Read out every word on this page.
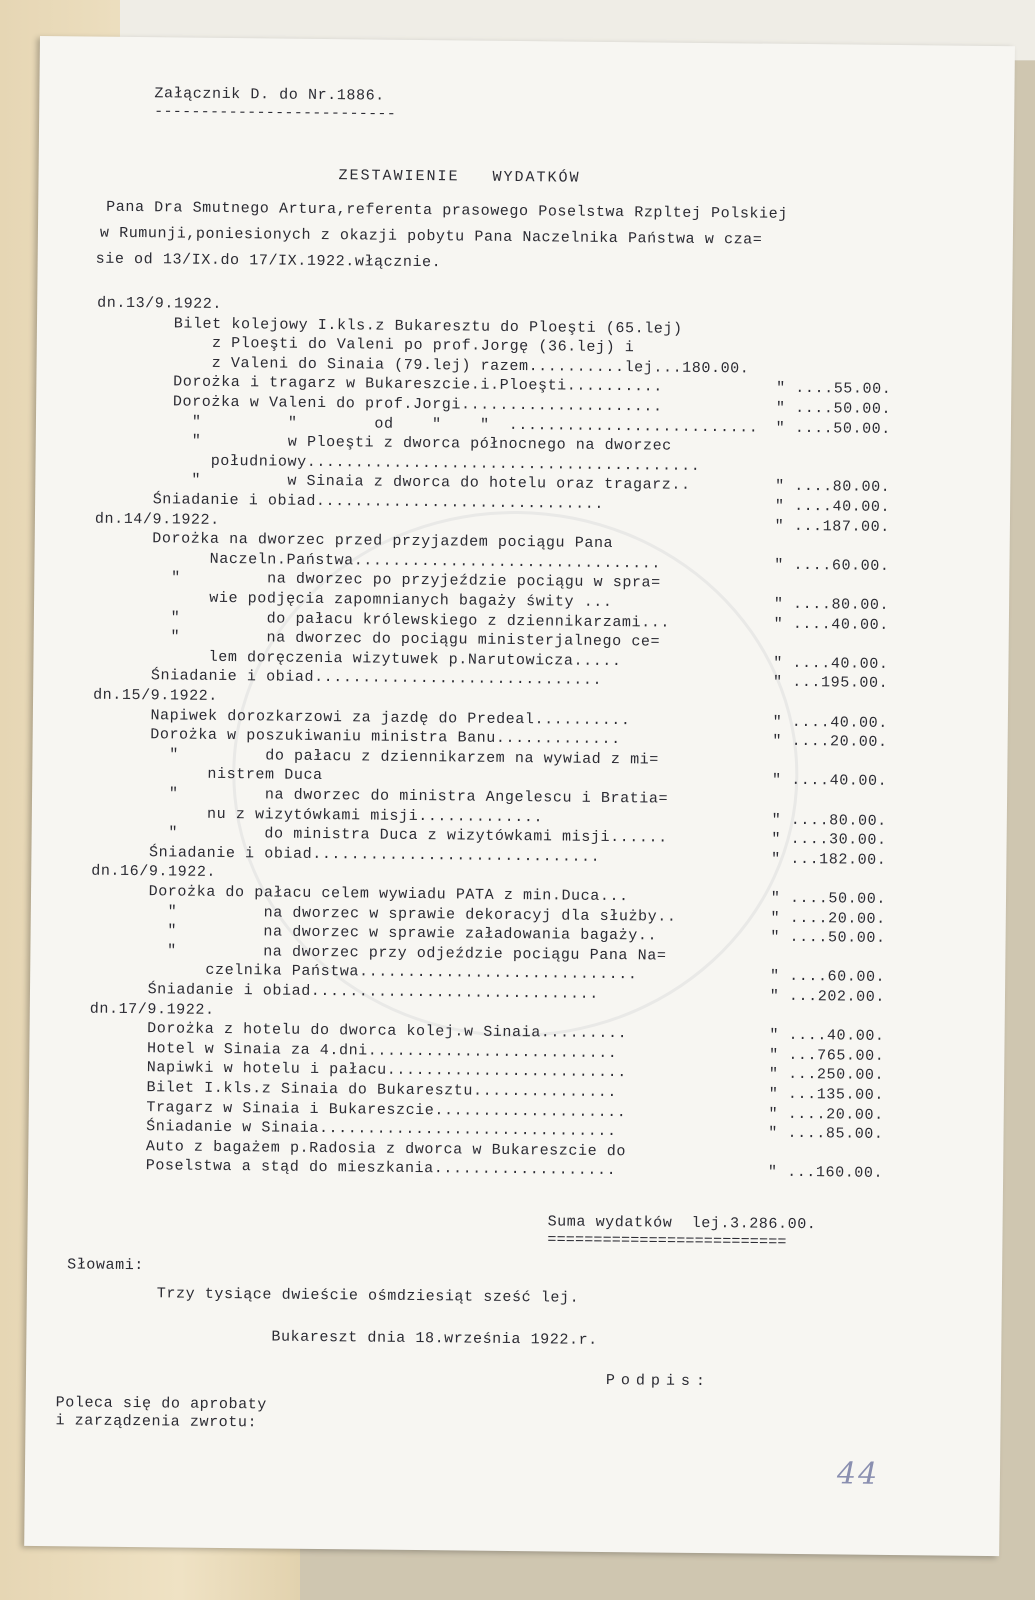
Załącznik D. do Nr.1886.
--------------------------
ZESTAWIENIE   WYDATKÓW
Pana Dra Smutnego Artura,referenta prasowego Poselstwa Rzpltej Polskiej
w Rumunji,poniesionych z okazji pobytu Pana Naczelnika Państwa w cza=
sie od 13/IX.do 17/IX.1922.włącznie.
dn.13/9.1922.
Bilet kolejowy I.kls.z Bukaresztu do Ploeşti (65.lej)
z Ploeşti do Valeni po prof.Jorgę (36.lej) i
z Valeni do Sinaia (79.lej) razem..........lej...180.00.
Dorożka i tragarz w Bukareszcie.i.Ploeşti..........	" ....55.00.
Dorożka w Valeni do prof.Jorgi.....................	" ....50.00.
"         "        od    "    "  .......................... " ....50.00.
"         w Ploeşti z dworca północnego na dworzec
południowy.........................................
"         w Sinaia z dworca do hotelu oraz tragarz..	" ....80.00.
Śniadanie i obiad..............................	" ....40.00.
dn.14/9.1922.	" ...187.00.
Dorożka na dworzec przed przyjazdem pociągu Pana
Naczeln.Państwa................................	" ....60.00.
"         na dworzec po przyjeździe pociągu w spra=
wie podjęcia zapomnianych bagaży świty ...	" ....80.00.
"         do pałacu królewskiego z dziennikarzami...	" ....40.00.
"         na dworzec do pociągu ministerjalnego ce=
lem doręczenia wizytuwek p.Narutowicza.....	" ....40.00.
Śniadanie i obiad..............................	" ...195.00.
dn.15/9.1922.
Napiwek dorozkarzowi za jazdę do Predeal..........	" ....40.00.
Dorożka w poszukiwaniu ministra Banu.............	" ....20.00.
"         do pałacu z dziennikarzem na wywiad z mi=
nistrem Duca	" ....40.00.
"         na dworzec do ministra Angelescu i Bratia=
nu z wizytówkami misji.............	" ....80.00.
"         do ministra Duca z wizytówkami misji......	" ....30.00.
Śniadanie i obiad..............................	" ...182.00.
dn.16/9.1922.
Dorożka do pałacu celem wywiadu PATA z min.Duca...	" ....50.00.
"         na dworzec w sprawie dekoracyj dla służby..	" ....20.00.
"         na dworzec w sprawie załadowania bagaży..	" ....50.00.
"         na dworzec przy odjeździe pociągu Pana Na=
czelnika Państwa.............................	" ....60.00.
Śniadanie i obiad..............................	" ...202.00.
dn.17/9.1922.
Dorożka z hotelu do dworca kolej.w Sinaia.........	" ....40.00.
Hotel w Sinaia za 4.dni..........................	" ...765.00.
Napiwki w hotelu i pałacu.........................	" ...250.00.
Bilet I.kls.z Sinaia do Bukaresztu...............	" ...135.00.
Tragarz w Sinaia i Bukareszcie....................	" ....20.00.
Śniadanie w Sinaia...............................	" ....85.00.
Auto z bagażem p.Radosia z dworca w Bukareszcie do
Poselstwa a stąd do mieszkania...................	" ...160.00.
Suma wydatków  lej.3.286.00.
==========================
Słowami:
Trzy tysiące dwieście ośmdziesiąt sześć lej.
Bukareszt dnia 18.września 1922.r.
Podpis:
Poleca się do aprobaty
i zarządzenia zwrotu:
44
